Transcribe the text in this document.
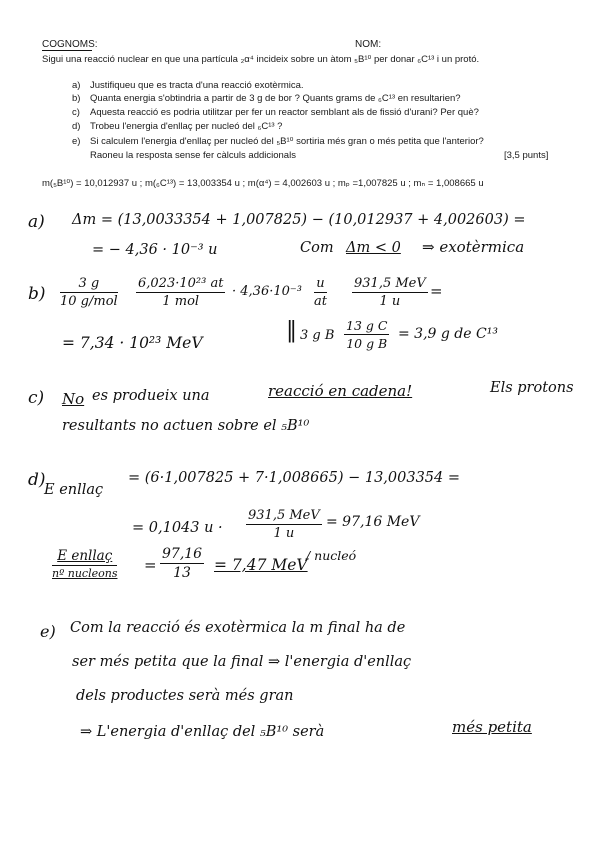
COGNOMS:	NOM:
Sigui una reacció nuclear en que una partícula ₂α⁴ incideix sobre un àtom ₅B¹⁰ per donar ₆C¹³ i un protó.
a) Justifiqueu que es tracta d'una reacció exotèrmica.
b) Quanta energia s'obtindria a partir de 3 g de bor ? Quants grams de ₆C¹³ en resultarien?
c) Aquesta reacció es podria utilitzar per fer un reactor semblant als de fissió d'urani? Per què?
d) Trobeu l'energia d'enllaç per nucleó del ₆C¹³ ?
e) Si calculem l'energia d'enllaç per nucleó del ₅B¹⁰ sortiria més gran o més petita que l'anterior?
Raoneu la resposta sense fer càlculs addicionals	[3,5 punts]
m(₅B¹⁰) = 10,012937 u ; m(₆C¹³) = 13,003354 u ; m(α⁴) = 4,002603 u ; mₚ =1,007825 u ; mₙ = 1,008665 u
a) Δm = (13,0033354 + 1,007825) − (10,012937 + 4,002603) =
= − 4,36 · 10⁻³ u	Com Δm < 0 ⇒ exotèrmica
b)
3 g
10 g/mol
6,023·10²³ at
1 mol
· $4,36\cdot 10^{-3} \frac{u}{at} 931,5$ MeV
1 u
=
= 7,34 · 10²³ MeV	‖ 3 g B $\frac{\text{13 g C}}{\text{10 g B}} = 3,9$ g de C¹³
c) No es produeix una	reacció en cadena!	Els protons
resultants no actuen sobre el ₅B¹⁰
d)
E enllaç
= (6·1,007825 + 7·1,008665) − 13,003354 =
= 0,1043 u ·
931,5 MeV
1 u
= 97,16 MeV
E enllaç
nº nucleons = $\frac{97,16}{13} = 7,47$ MeV
/ nucleó
e) Com la reacció és exotèrmica la m final ha de
ser més petita que la final ⇒ l'energia d'enllaç
dels productes serà més gran
⇒ L'energia d'enllaç del ₅B¹⁰ serà	més petita
